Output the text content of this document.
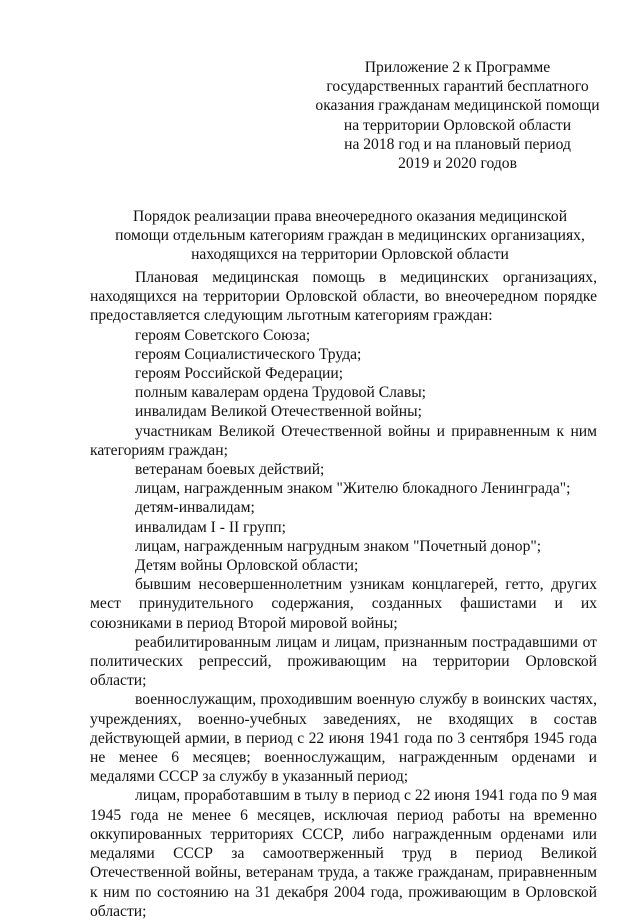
Приложение 2 к Программе
государственных гарантий бесплатного
оказания гражданам медицинской помощи
на территории Орловской области
на 2018 год и на плановый период
2019 и 2020 годов
Порядок реализации права внеочередного оказания медицинской
помощи отдельным категориям граждан в медицинских организациях,
находящихся на территории Орловской области

Плановая медицинская помощь в медицинских организациях, находящихся на территории Орловской области, во внеочередном порядке предоставляется следующим льготным категориям граждан:

героям Советского Союза;

героям Социалистического Труда;

героям Российской Федерации;

полным кавалерам ордена Трудовой Славы;

инвалидам Великой Отечественной войны;

участникам Великой Отечественной войны и приравненным к ним категориям граждан;

ветеранам боевых действий;

лицам, награжденным знаком "Жителю блокадного Ленинграда";

детям-инвалидам;

инвалидам I - II групп;

лицам, награжденным нагрудным знаком "Почетный донор";

Детям войны Орловской области;

бывшим несовершеннолетним узникам концлагерей, гетто, других мест принудительного содержания, созданных фашистами и их союзниками в период Второй мировой войны;

реабилитированным лицам и лицам, признанным пострадавшими от политических репрессий, проживающим на территории Орловской области;

военнослужащим, проходившим военную службу в воинских частях, учреждениях, военно-учебных заведениях, не входящих в состав действующей армии, в период с 22 июня 1941 года по 3 сентября 1945 года не менее 6 месяцев; военнослужащим, награжденным орденами и медалями СССР за службу в указанный период;

лицам, проработавшим в тылу в период с 22 июня 1941 года по 9 мая 1945 года не менее 6 месяцев, исключая период работы на временно оккупированных территориях СССР, либо награжденным орденами или медалями СССР за самоотверженный труд в период Великой Отечественной войны, ветеранам труда, а также гражданам, приравненным к ним по состоянию на 31 декабря 2004 года, проживающим в Орловской области;
